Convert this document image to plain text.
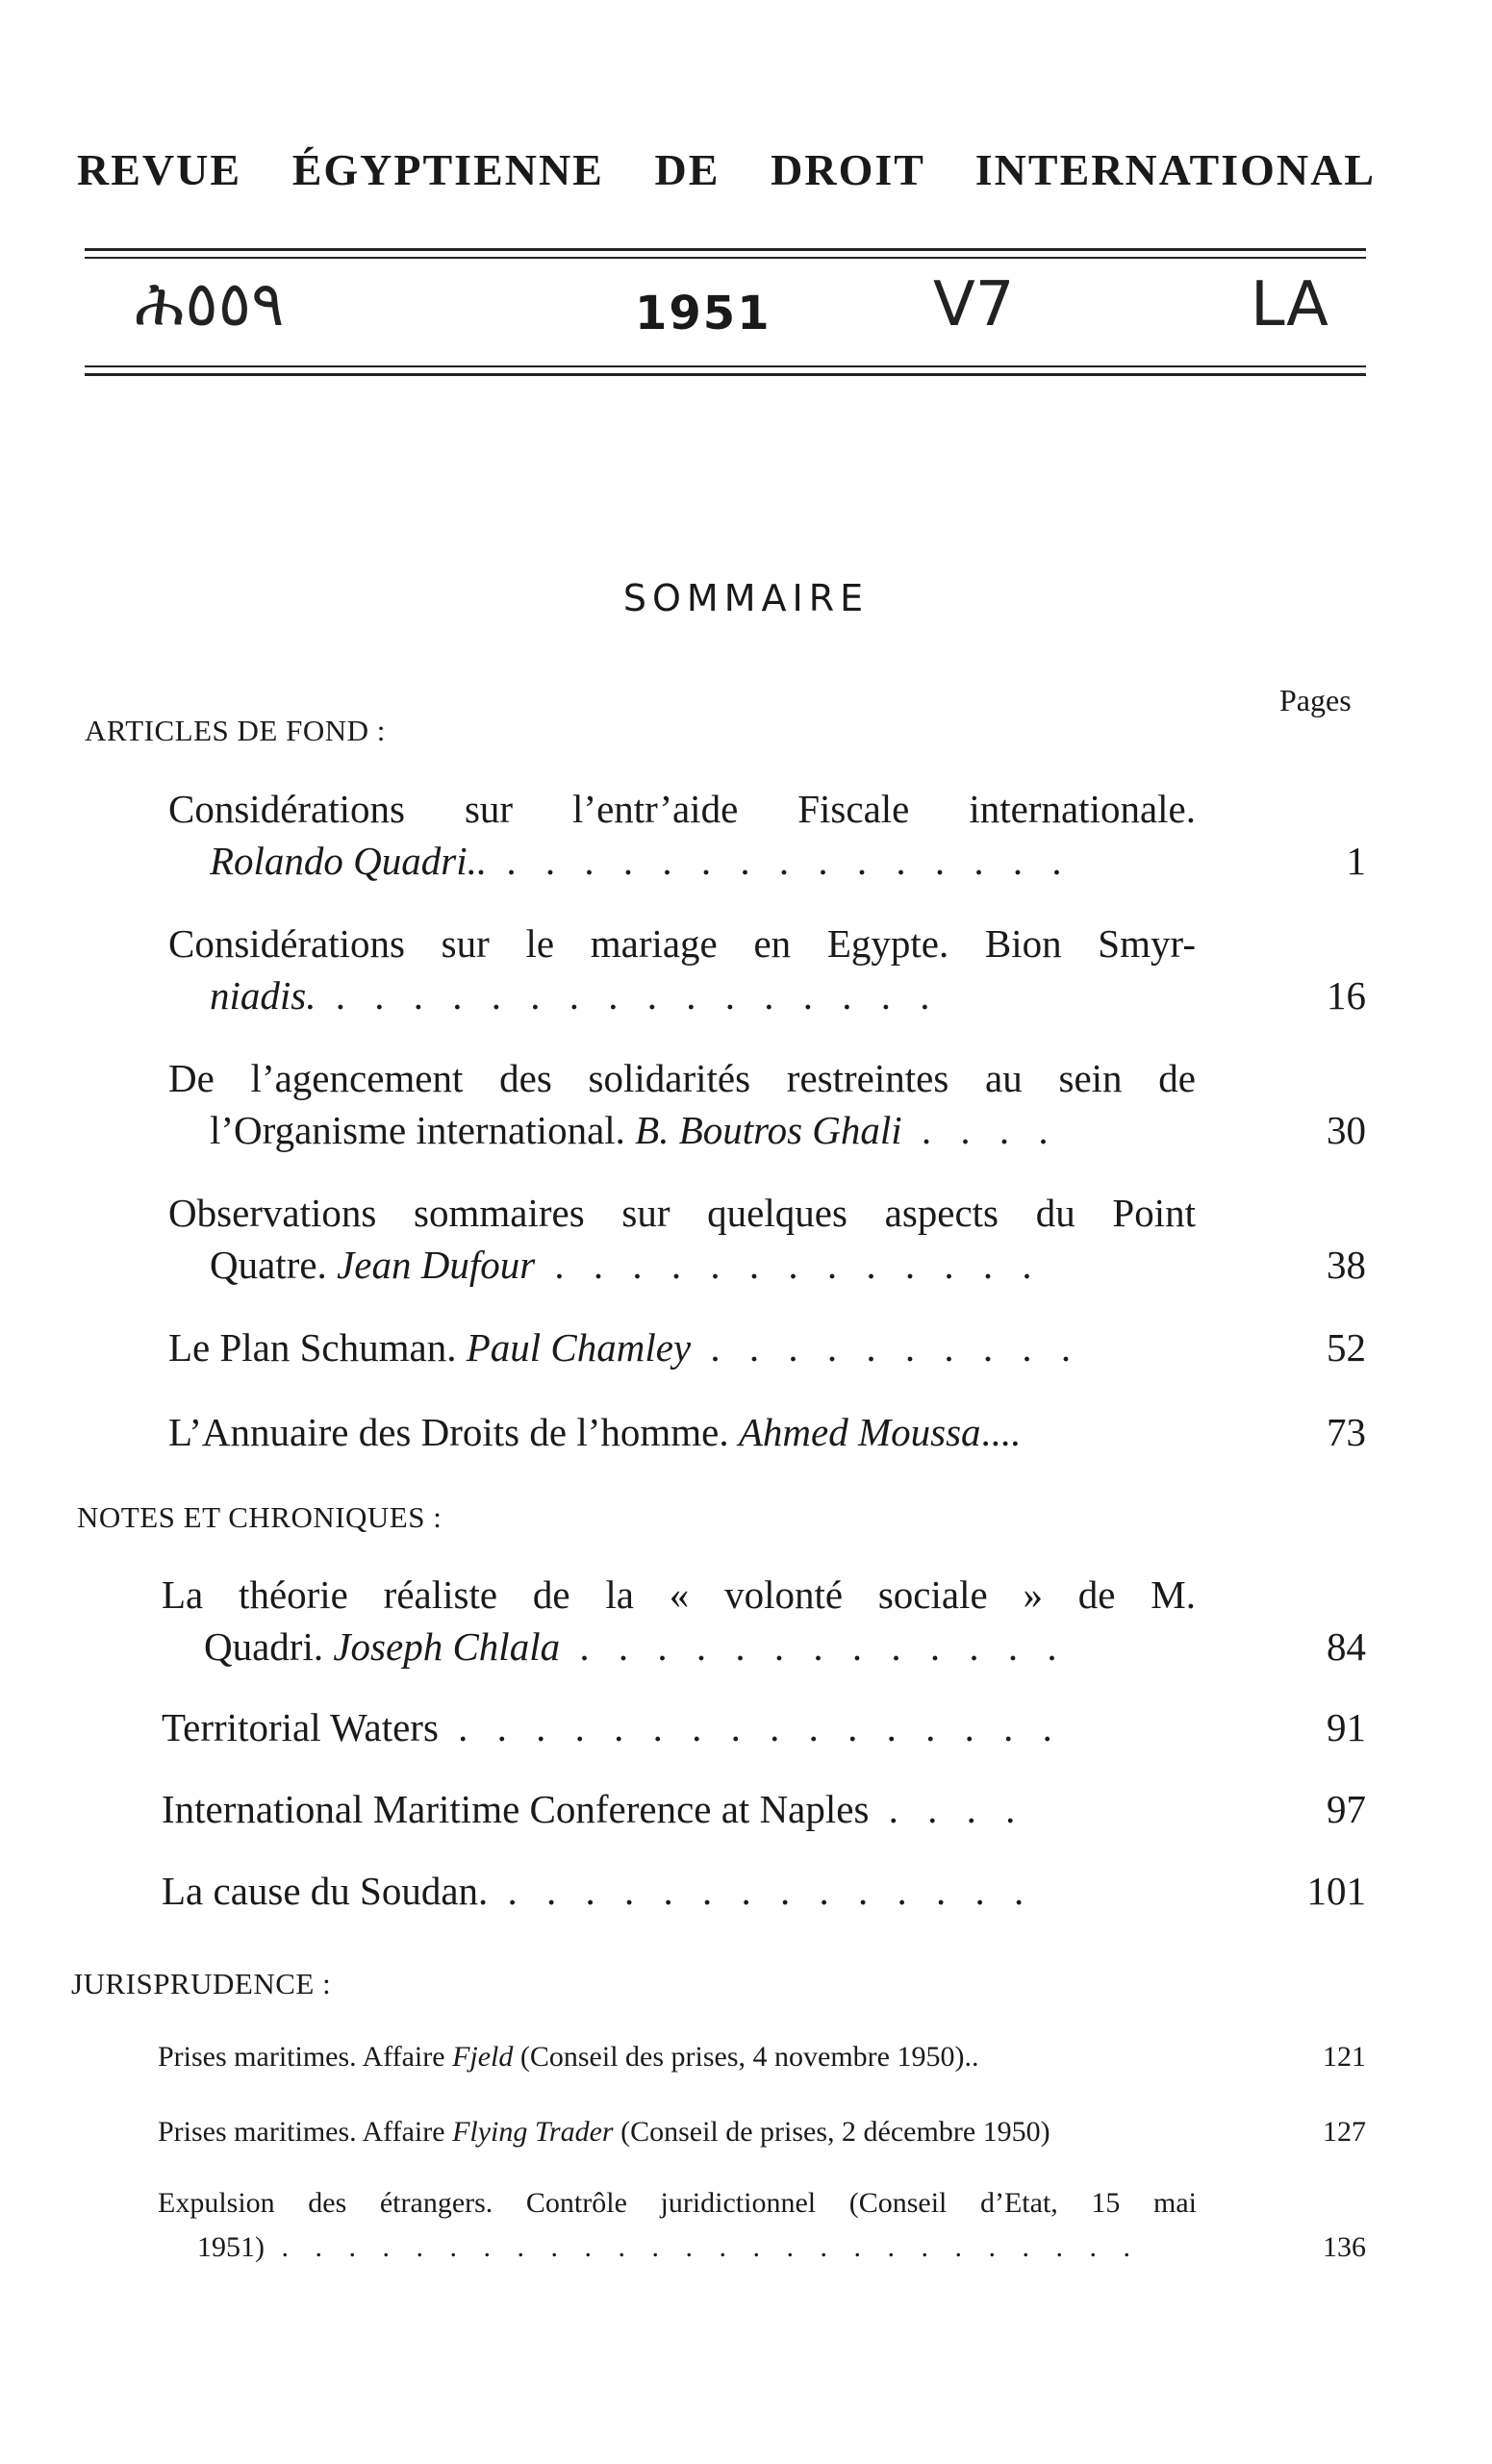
REVUE ÉGYPTIENNE DE DROIT INTERNATIONAL
ሕ٥٥٩	1951	V7	LA
SOMMAIRE
Pages
ARTICLES DE FOND :
Considérations sur l’entr’aide Fiscale internationale.
Rolando Quadri.. . . . . . . . . . . . . . . .	1
Considérations sur le mariage en Egypte. Bion Smyr-
niadis. . . . . . . . . . . . . . . . .	16
De l’agencement des solidarités restreintes au sein de
l’Organisme international. B. Boutros Ghali . . . .	30
Observations sommaires sur quelques aspects du Point
Quatre. Jean Dufour . . . . . . . . . . . . .	38
Le Plan Schuman. Paul Chamley . . . . . . . . . .	52
L’Annuaire des Droits de l’homme. Ahmed Moussa....	73
NOTES ET CHRONIQUES :
La théorie réaliste de la « volonté sociale » de M.
Quadri. Joseph Chlala . . . . . . . . . . . . .	84
Territorial Waters . . . . . . . . . . . . . . . .	91
International Maritime Conference at Naples . . . .	97
La cause du Soudan. . . . . . . . . . . . . . .	101
JURISPRUDENCE :
Prises maritimes. Affaire Fjeld (Conseil des prises, 4 novembre 1950)..	121
Prises maritimes. Affaire Flying Trader (Conseil de prises, 2 décembre 1950)	127
Expulsion des étrangers. Contrôle juridictionnel (Conseil d’Etat, 15 mai
1951) . . . . . . . . . . . . . . . . . . . . . . . . . .	136
